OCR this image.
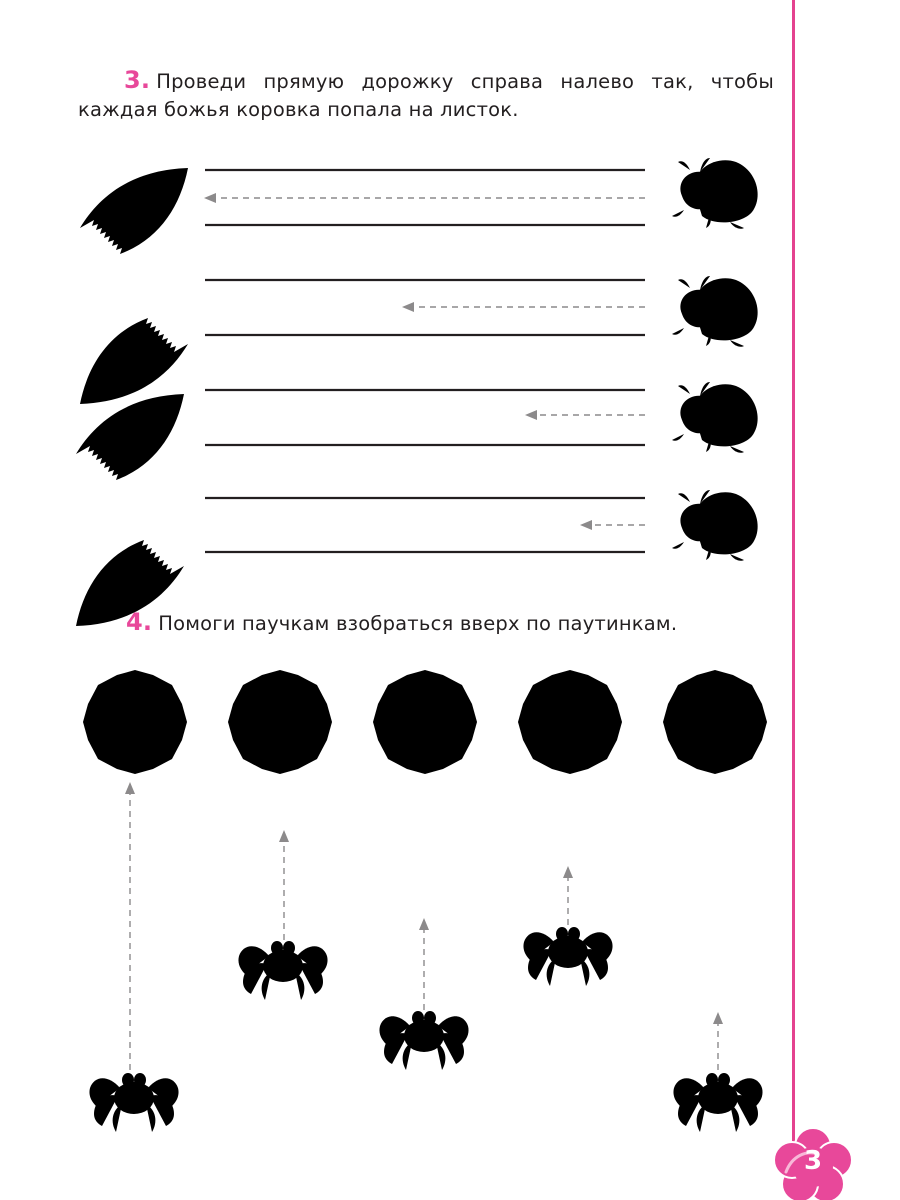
3. Проведи прямую дорожку справа налево так, чтобы каждая божья коровка попала на листок.
4. Помоги паучкам взобраться вверх по паутинкам.
3
